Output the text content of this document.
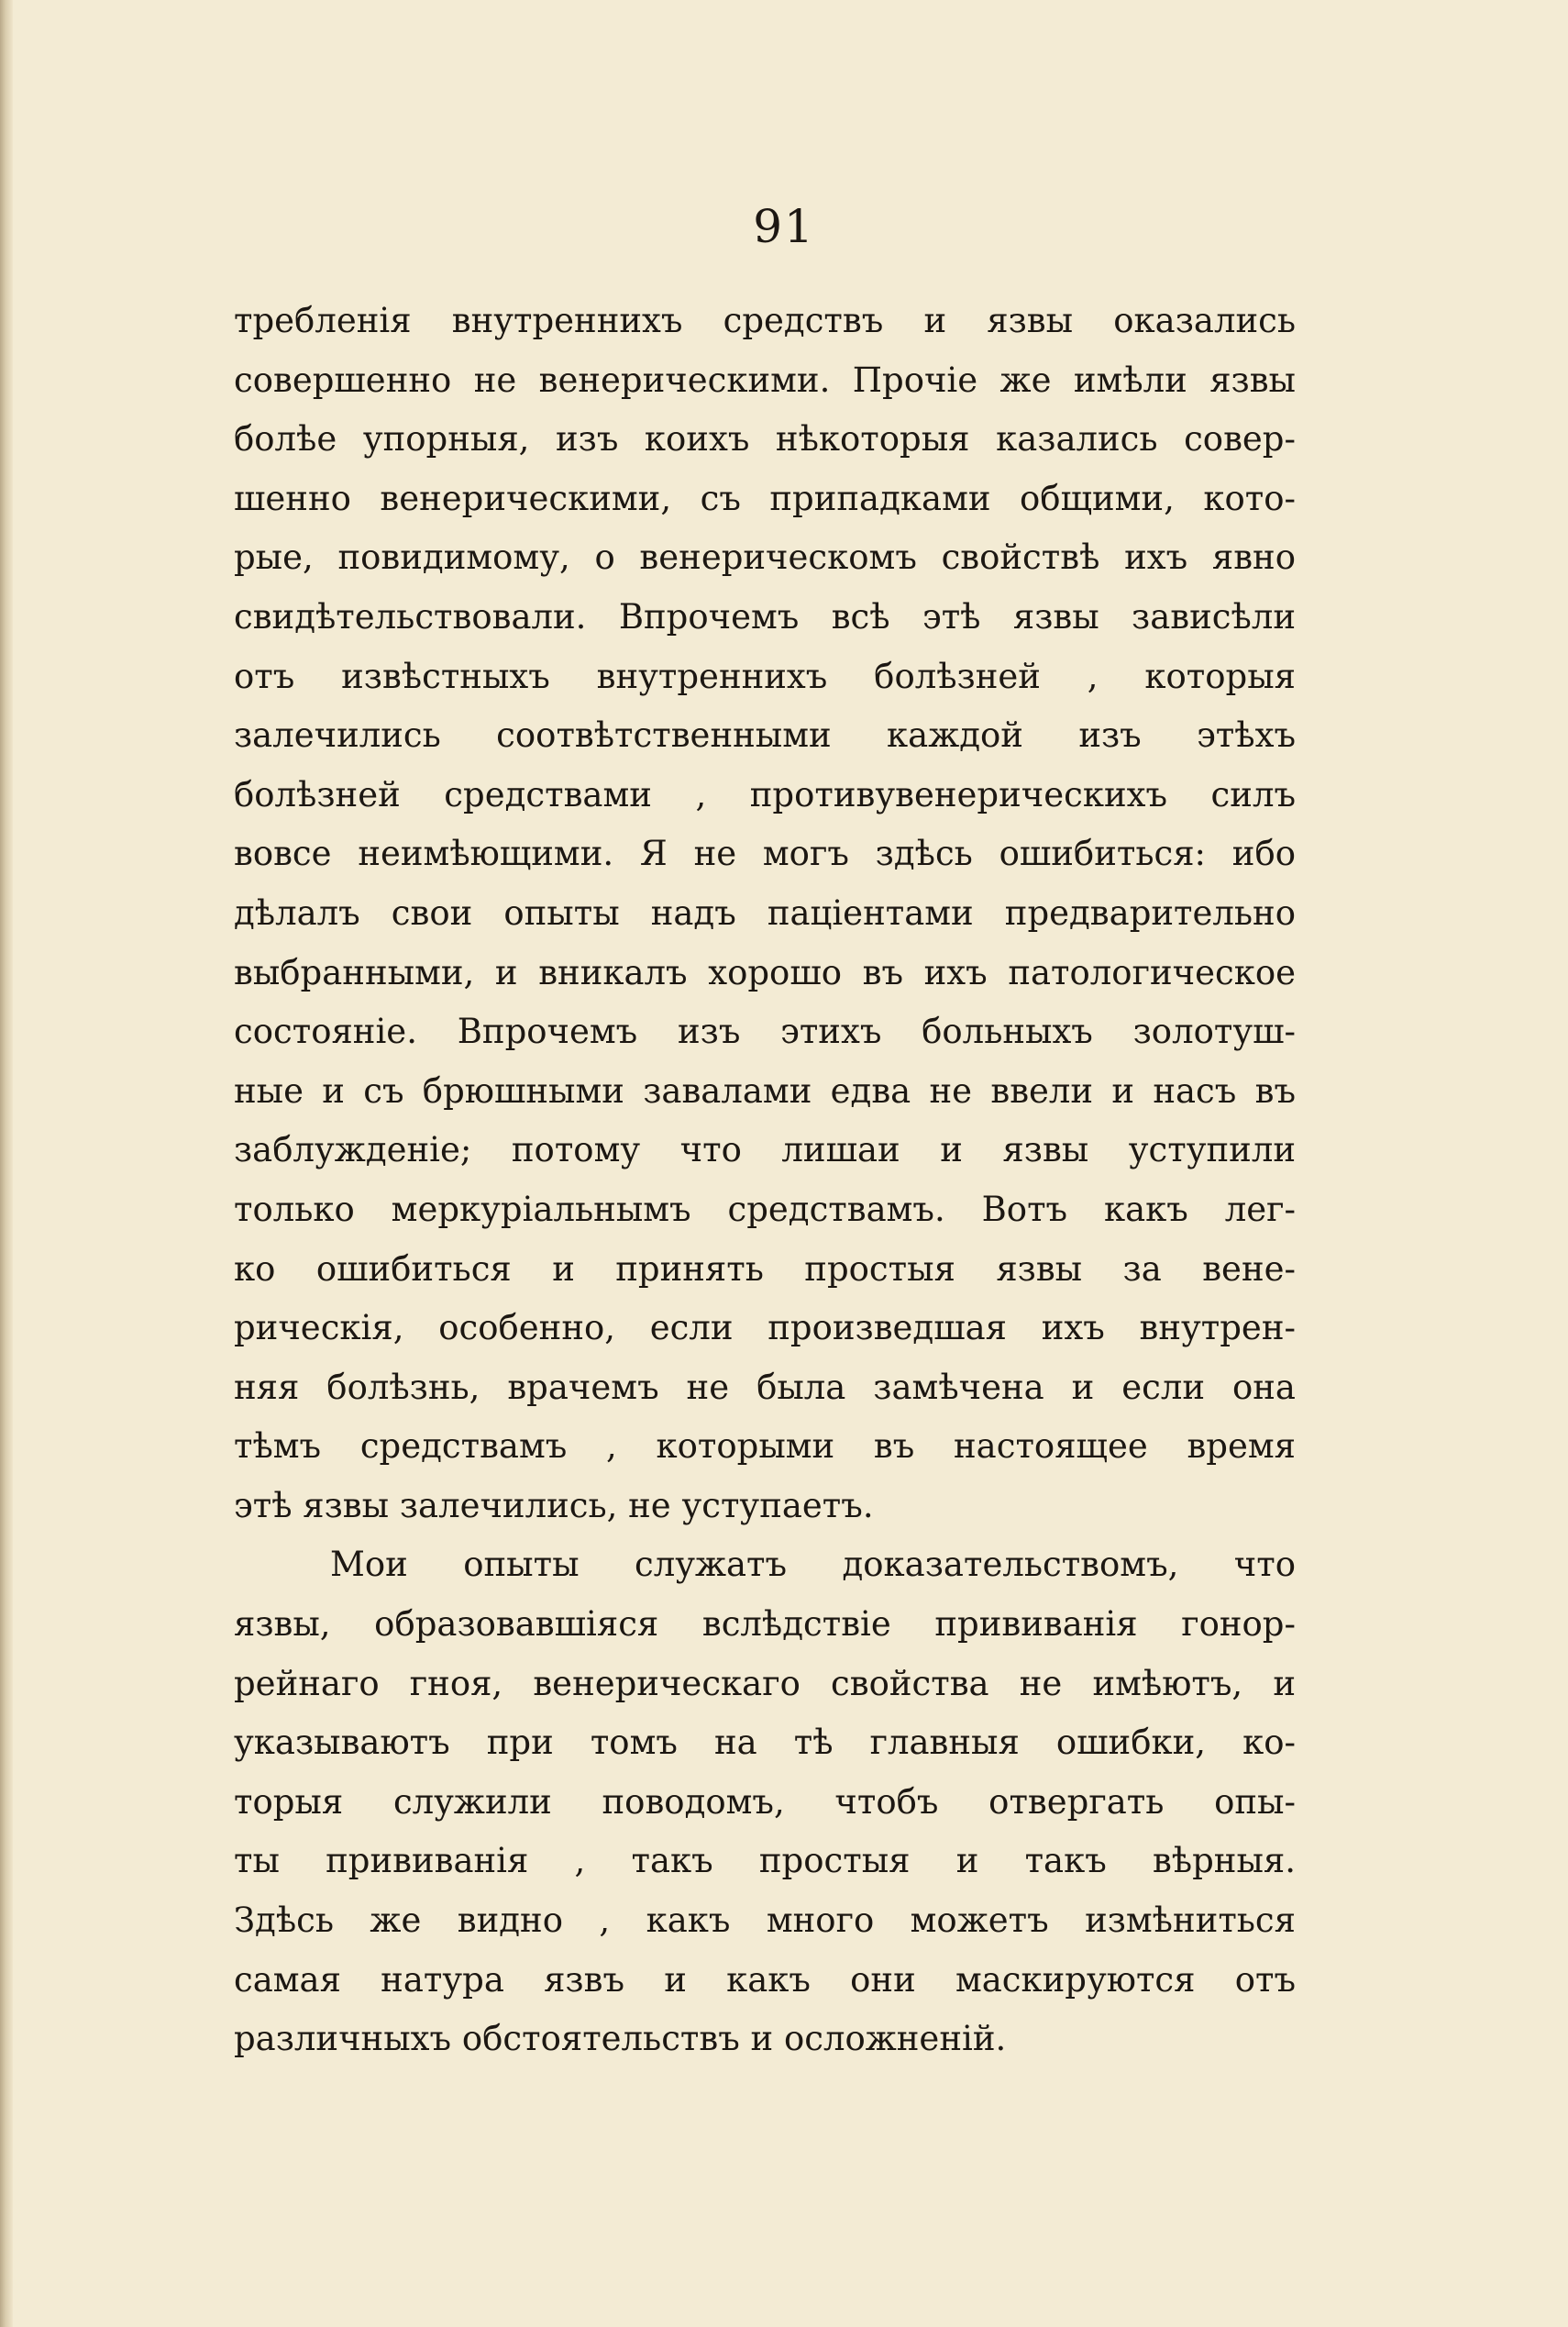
91
требленія внутреннихъ средствъ и язвы оказались
совершенно не венерическими. Прочіе же имѣли язвы
болѣе упорныя, изъ коихъ нѣкоторыя казались совер-
шенно венерическими, съ припадками общими, кото-
рые, повидимому, о венерическомъ свойствѣ ихъ явно
свидѣтельствовали. Впрочемъ всѣ этѣ язвы зависѣли
отъ извѣстныхъ внутреннихъ болѣзней , которыя
залечились соотвѣтственными каждой изъ этѣхъ
болѣзней средствами , противувенерическихъ силъ
вовсе неимѣющими. Я не могъ здѣсь ошибиться: ибо
дѣлалъ свои опыты надъ паціентами предварительно
выбранными, и вникалъ хорошо въ ихъ патологическое
состояніе. Впрочемъ изъ этихъ больныхъ золотуш-
ные и съ брюшными завалами едва не ввели и насъ въ
заблужденіе; потому что лишаи и язвы уступили
только меркуріальнымъ средствамъ. Вотъ какъ лег-
ко ошибиться и принять простыя язвы за вене-
рическія, особенно, если произведшая ихъ внутрен-
няя болѣзнь, врачемъ не была замѣчена и если она
тѣмъ средствамъ , которыми въ настоящее время
этѣ язвы залечились, не уступаетъ.
Мои опыты служатъ доказательствомъ, что
язвы, образовавшіяся вслѣдствіе прививанія гонор-
рейнаго гноя, венерическаго свойства не имѣютъ, и
указываютъ при томъ на тѣ главныя ошибки, ко-
торыя служили поводомъ, чтобъ отвергать опы-
ты прививанія , такъ простыя и такъ вѣрныя.
Здѣсь же видно , какъ много можетъ измѣниться
самая натура язвъ и какъ они маскируются отъ
различныхъ обстоятельствъ и осложненій.
